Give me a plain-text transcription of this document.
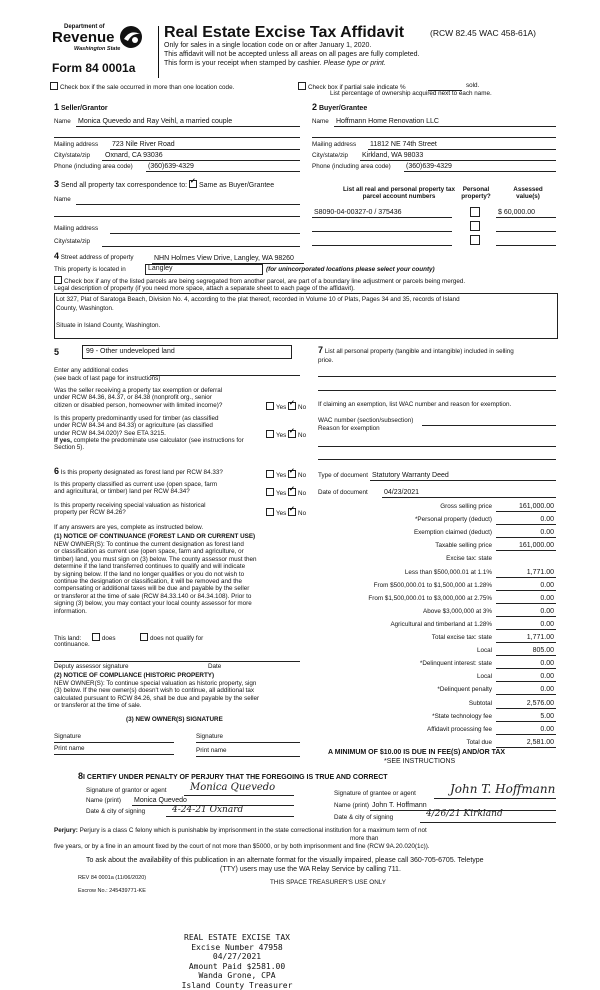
Department of
Revenue
Washington State
Form 84 0001a
Real Estate Excise Tax Affidavit	(RCW 82.45 WAC 458-61A)
Only for sales in a single location code on or after January 1, 2020.
This affidavit will not be accepted unless all areas on all pages are fully completed.
This form is your receipt when stamped by cashier. Please type or print.
Check box if the sale occurred in more than one location code.	Check box if partial sale indicate %	sold.
List percentage of ownership acquired next to each name.
1 Seller/Grantor
Name Monica Quevedo and Ray Veihl, a married couple
Mailing address 723 Nile River Road
City/state/zip Oxnard, CA 93036
Phone (including area code) (360)639-4329
2 Buyer/Grantee
Name Hoffmann Home Renovation LLC
Mailing address 11812 NE 74th Street
City/state/zip Kirkland, WA 98033
Phone (including area code) (360)639-4329
3 Send all property tax correspondence to: ✓ Same as Buyer/Grantee
Name
Mailing address
City/state/zip
List all real and personal property tax
parcel account numbers
Personal
property?
Assessed
value(s)
S8090-04-00327-0 / 375436	$ 60,000.00
4 Street address of property	NHN Holmes View Drive, Langley, WA 98260
This property is located in	Langley	(for unincorporated locations please select your county)
Check box if any of the listed parcels are being segregated from another parcel, are part of a boundary line adjustment or parcels being merged.
Legal description of property (if you need more space, attach a separate sheet to each page of the affidavit).
Lot 327, Plat of Saratoga Beach, Division No. 4, according to the plat thereof, recorded in Volume 10 of Plats, Pages 34 and 35, records of Island
County, Washington.
Situate in Island County, Washington.
5	99 - Other undeveloped land
Enter any additional codes
(see back of last page for instructions)
Was the seller receiving a property tax exemption or deferral
under RCW 84.36, 84.37, or 84.38 (nonprofit org., senior
citizen or disabled person, homeowner with limited income)?	Yes ✓ No
Is this property predominantly used for timber (as classified
under RCW 84.34 and 84.33) or agriculture (as classified
under RCW 84.34.020)? See ETA 3215.	Yes ✓ No
If yes, complete the predominate use calculator (see instructions for
Section 5).
6 Is this property designated as forest land per RCW 84.33?	Yes ✓ No
Is this property classified as current use (open space, farm
and agricultural, or timber) land per RCW 84.34?	Yes ✓ No
Is this property receiving special valuation as historical
property per RCW 84.26?	Yes ✓ No
If any answers are yes, complete as instructed below.
(1) NOTICE OF CONTINUANCE (FOREST LAND OR CURRENT USE)
NEW OWNER(S): To continue the current designation as forest land
or classification as current use (open space, farm and agriculture, or
timber) land, you must sign on (3) below. The county assessor must then
determine if the land transferred continues to qualify and will indicate
by signing below. If the land no longer qualifies or you do not wish to
continue the designation or classification, it will be removed and the
compensating or additional taxes will be due and payable by the seller
or transferor at the time of sale (RCW 84.33.140 or 84.34.108). Prior to
signing (3) below, you may contact your local county assessor for more
information.
This land:	does	does not qualify for
continuance.
Deputy assessor signature	Date
(2) NOTICE OF COMPLIANCE (HISTORIC PROPERTY)
NEW OWNER(S): To continue special valuation as historic property, sign
(3) below. If the new owner(s) doesn't wish to continue, all additional tax
calculated pursuant to RCW 84.26, shall be due and payable by the seller
or transferor at the time of sale.
(3) NEW OWNER(S) SIGNATURE
Signature	Signature
Print name	Print name
7 List all personal property (tangible and intangible) included in selling
price.
If claiming an exemption, list WAC number and reason for exemption.
WAC number (section/subsection)
Reason for exemption
Type of document Statutory Warranty Deed
Date of document 04/23/2021
Gross selling price	161,000.00
*Personal property (deduct)	0.00
Exemption claimed (deduct)	0.00
Taxable selling price	161,000.00
Excise tax: state
Less than $500,000.01 at 1.1%	1,771.00
From $500,000.01 to $1,500,000 at 1.28%	0.00
From $1,500,000.01 to $3,000,000 at 2.75%	0.00
Above $3,000,000 at 3%	0.00
Agricultural and timberland at 1.28%	0.00
Total excise tax: state	1,771.00
Local	805.00
*Delinquent interest: state	0.00
Local	0.00
*Delinquent penalty	0.00
Subtotal	2,576.00
*State technology fee	5.00
Affidavit processing fee	0.00
Total due	2,581.00
A MINIMUM OF $10.00 IS DUE IN FEE(S) AND/OR TAX
*SEE INSTRUCTIONS
8I CERTIFY UNDER PENALTY OF PERJURY THAT THE FOREGOING IS TRUE AND CORRECT
Signature of grantor or agent Monica Quevedo
Name (print) Monica Quevedo
Date & city of signing	4-24-21 Oxnard
Signature of grantee or agent	John T. Hoffmann
Name (print) John T. Hoffmann
Date & city of signing	4/26/21 Kirkland
Perjury: Perjury is a class C felony which is punishable by imprisonment in the state correctional institution for a maximum term of not
more than
five years, or by a fine in an amount fixed by the court of not more than $5000, or by both imprisonment and fine (RCW 9A.20.020(1c)).
To ask about the availability of this publication in an alternate format for the visually impaired, please call 360-705-6705. Teletype
(TTY) users may use the WA Relay Service by calling 711.
REV 84 0001a (11/06/2020)
THIS SPACE TREASURER'S USE ONLY
Escrow No.: 245439771-KE
REAL ESTATE EXCISE TAX
Excise Number 47958
04/27/2021
Amount Paid $2581.00
Wanda Grone, CPA
Island County Treasurer
